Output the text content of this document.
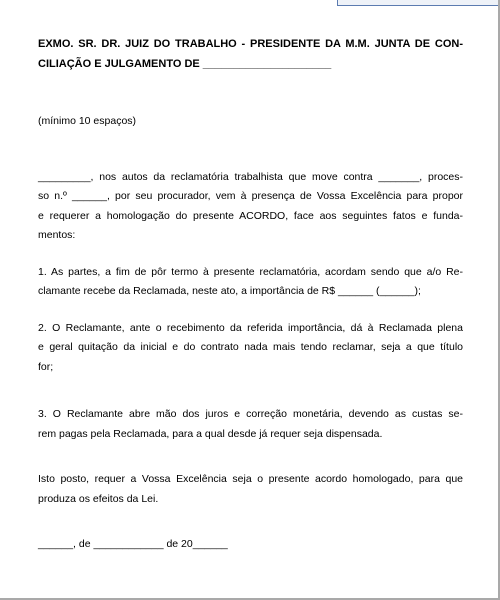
EXMO. SR. DR. JUIZ DO TRABALHO - PRESIDENTE DA M.M. JUNTA DE CON-
CILIAÇÃO E JULGAMENTO DE _____________________
(mínimo 10 espaços)
_________, nos autos da reclamatória trabalhista que move contra _______, proces-
so n.º ______, por seu procurador, vem à presença de Vossa Excelência para propor
e requerer a homologação do presente ACORDO, face aos seguintes fatos e funda-
mentos:
1. As partes, a fim de pôr termo à presente reclamatória, acordam sendo que a/o Re-
clamante recebe da Reclamada, neste ato, a importância de R$ ______ (______);
2. O Reclamante, ante o recebimento da referida importância, dá à Reclamada plena
e geral quitação da inicial e do contrato nada mais tendo reclamar, seja a que título
for;
3. O Reclamante abre mão dos juros e correção monetária, devendo as custas se-
rem pagas pela Reclamada, para a qual desde já requer seja dispensada.
Isto posto, requer a Vossa Excelência seja o presente acordo homologado, para que
produza os efeitos da Lei.
______, de ____________ de 20______
